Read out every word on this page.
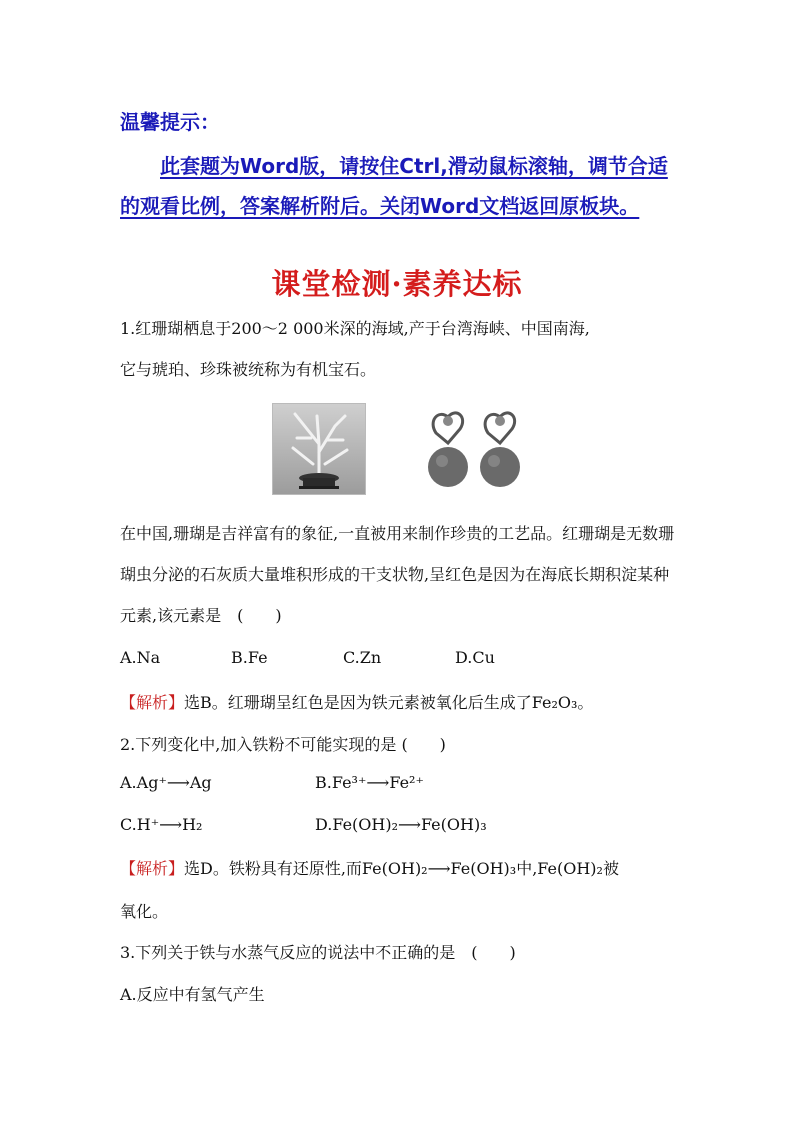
温馨提示：
此套题为Word版，请按住Ctrl,滑动鼠标滚轴，调节合适的观看比例，答案解析附后。关闭Word文档返回原板块。
课堂检测·素养达标
1.红珊瑚栖息于200～2 000米深的海域,产于台湾海峡、中国南海,
它与琥珀、珍珠被统称为有机宝石。
在中国,珊瑚是吉祥富有的象征,一直被用来制作珍贵的工艺品。红珊瑚是无数珊瑚虫分泌的石灰质大量堆积形成的干支状物,呈红色是因为在海底长期积淀某种元素,该元素是　(　　)
A.Na	B.Fe	C.Zn	D.Cu
【解析】选B。红珊瑚呈红色是因为铁元素被氧化后生成了Fe₂O₃。
2.下列变化中,加入铁粉不可能实现的是 (　　)
A.Ag⁺⟶Ag	B.Fe³⁺⟶Fe²⁺
C.H⁺⟶H₂	D.Fe(OH)₂⟶Fe(OH)₃
【解析】选D。铁粉具有还原性,而Fe(OH)₂⟶Fe(OH)₃中,Fe(OH)₂被
氧化。
3.下列关于铁与水蒸气反应的说法中不正确的是　(　　)
A.反应中有氢气产生
